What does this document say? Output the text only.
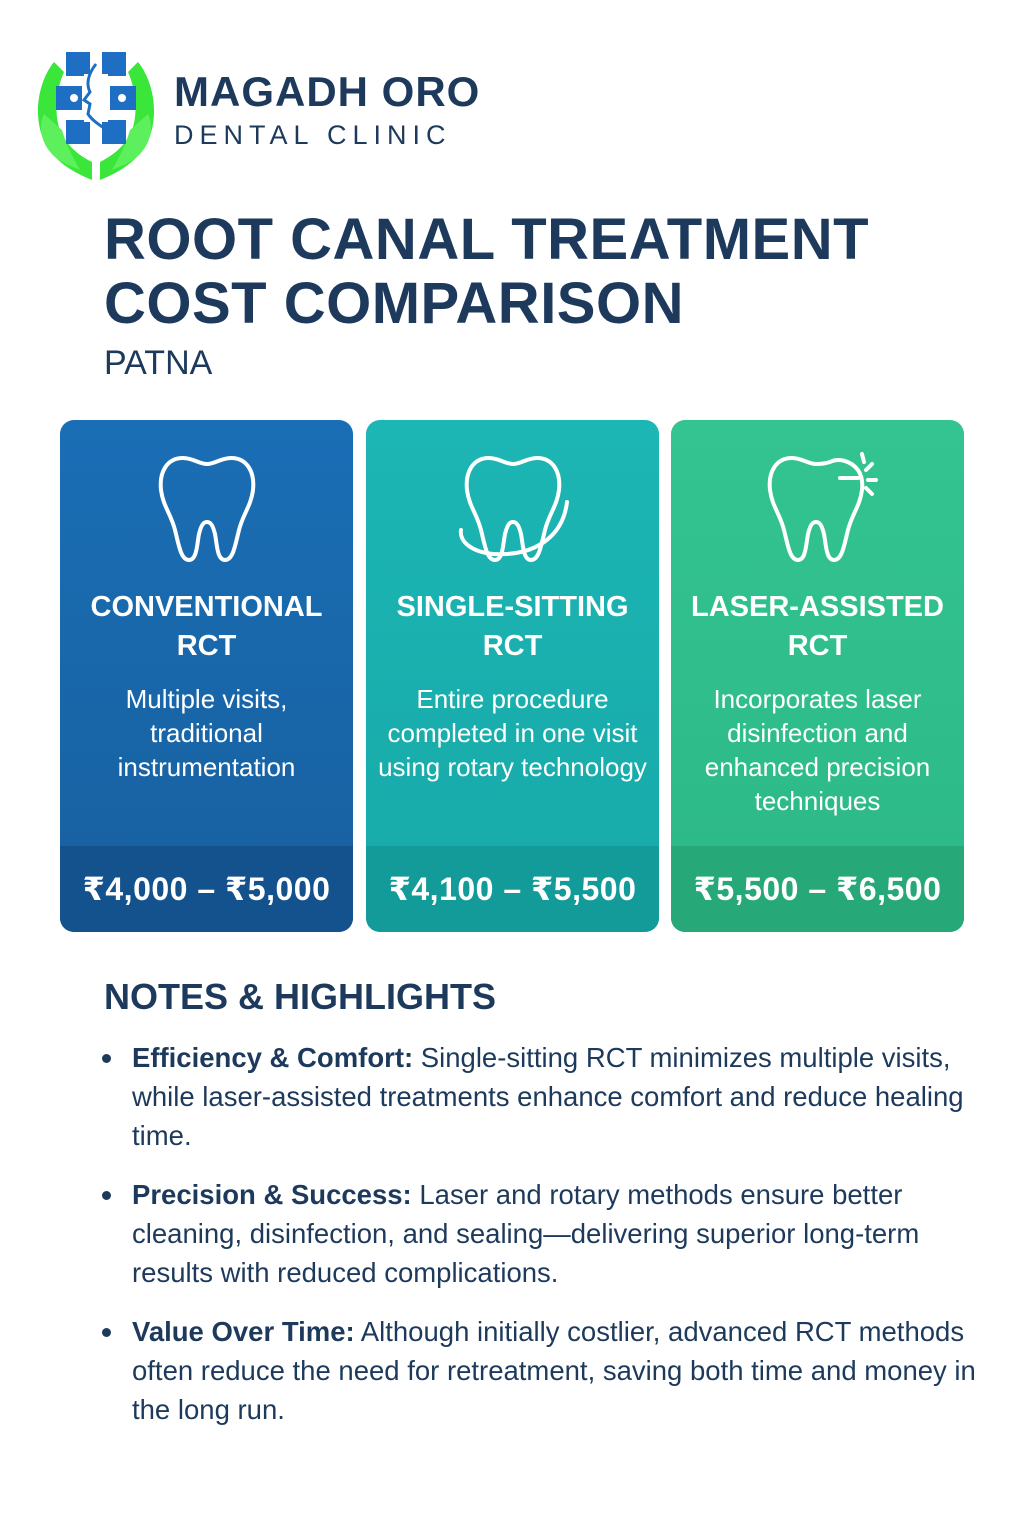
MAGADH ORO
DENTAL CLINIC
ROOT CANAL TREATMENT
COST COMPARISON
PATNA
CONVENTIONAL
RCT

Multiple visits, traditional instrumentation

₹4,000 – ₹5,000
SINGLE-SITTING
RCT

Entire procedure completed in one visit using rotary technology

₹4,100 – ₹5,500
LASER-ASSISTED
RCT

Incorporates laser disinfection and enhanced precision techniques

₹5,500 – ₹6,500
NOTES & HIGHLIGHTS
Efficiency & Comfort: Single-sitting RCT minimizes multiple visits, while laser-assisted treatments enhance comfort and reduce healing time.
Precision & Success: Laser and rotary methods ensure better cleaning, disinfection, and sealing—delivering superior long-term results with reduced complications.
Value Over Time: Although initially costlier, advanced RCT methods often reduce the need for retreatment, saving both time and money in the long run.
